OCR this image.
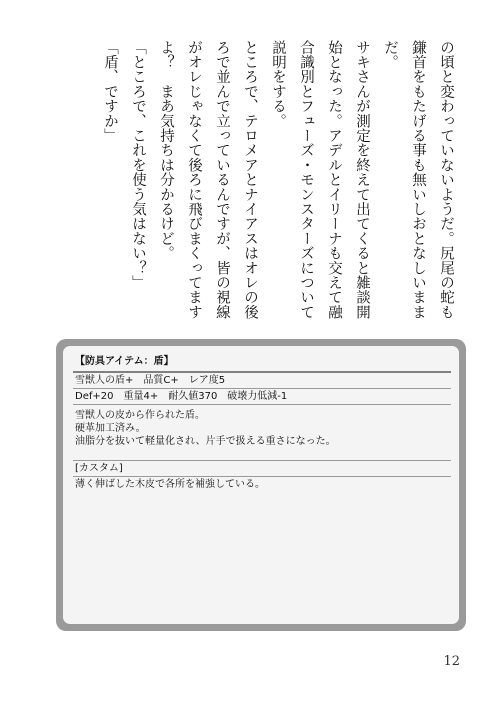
の頃と変わっていないようだ。尻尾の蛇も鎌首をもたげる事も無いしおとなしいままだ。

サキさんが測定を終えて出てくると雑談開始となった。アデルとイリーナも交えて融合識別とフューズ・モンスターズについて説明をする。

ところで、テロメアとナイアスはオレの後ろで並んで立っているんですが、皆の視線がオレじゃなくて後ろに飛びまくってますよ？　まあ気持ちは分かるけど。

「ところで、これを使う気はない？」

「盾、ですか」

【防具アイテム：盾】
雪獣人の盾+　品質C+　レア度5
Def+20　重量4+　耐久値370　破壊力低減-1
雪獣人の皮から作られた盾。
硬革加工済み。
油脂分を抜いて軽量化され、片手で扱える重さになった。
[カスタム]
薄く伸ばした木皮で各所を補強している。
12
